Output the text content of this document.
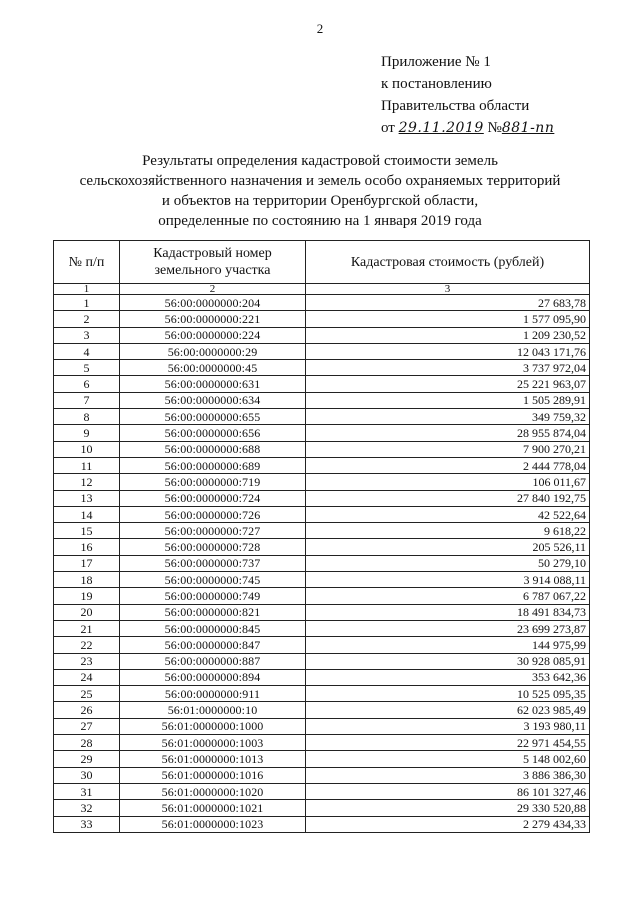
2
Приложение № 1
к постановлению
Правительства области
от 29.11.2019 №881-пп
Результаты определения кадастровой стоимости земель
сельскохозяйственного назначения и земель особо охраняемых территорий
и объектов на территории Оренбургской области,
определенные по состоянию на 1 января 2019 года
№ п/п	Кадастровый номер земельного участка	Кадастровая стоимость (рублей)
1	2	3
1	56:00:0000000:204	27 683,78
2	56:00:0000000:221	1 577 095,90
3	56:00:0000000:224	1 209 230,52
4	56:00:0000000:29	12 043 171,76
5	56:00:0000000:45	3 737 972,04
6	56:00:0000000:631	25 221 963,07
7	56:00:0000000:634	1 505 289,91
8	56:00:0000000:655	349 759,32
9	56:00:0000000:656	28 955 874,04
10	56:00:0000000:688	7 900 270,21
11	56:00:0000000:689	2 444 778,04
12	56:00:0000000:719	106 011,67
13	56:00:0000000:724	27 840 192,75
14	56:00:0000000:726	42 522,64
15	56:00:0000000:727	9 618,22
16	56:00:0000000:728	205 526,11
17	56:00:0000000:737	50 279,10
18	56:00:0000000:745	3 914 088,11
19	56:00:0000000:749	6 787 067,22
20	56:00:0000000:821	18 491 834,73
21	56:00:0000000:845	23 699 273,87
22	56:00:0000000:847	144 975,99
23	56:00:0000000:887	30 928 085,91
24	56:00:0000000:894	353 642,36
25	56:00:0000000:911	10 525 095,35
26	56:01:0000000:10	62 023 985,49
27	56:01:0000000:1000	3 193 980,11
28	56:01:0000000:1003	22 971 454,55
29	56:01:0000000:1013	5 148 002,60
30	56:01:0000000:1016	3 886 386,30
31	56:01:0000000:1020	86 101 327,46
32	56:01:0000000:1021	29 330 520,88
33	56:01:0000000:1023	2 279 434,33
